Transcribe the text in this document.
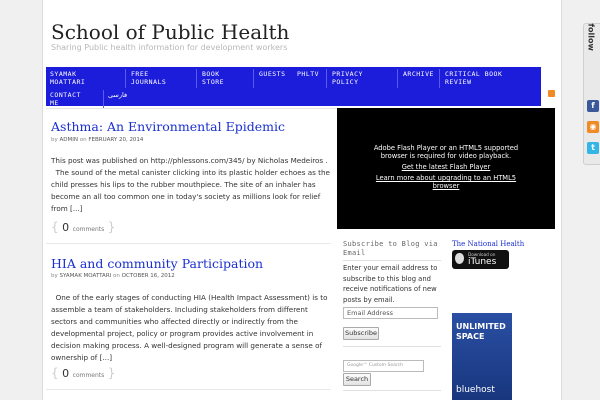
School of Public Health
Sharing Public health information for development workers
SYAMAK
MOATTARI
FREE
JOURNALS
BOOK
STORE
GUESTS PHLTV PRIVACY
POLICY
ARCHIVE CRITICAL BOOK
REVIEW
CONTACT
ME
فارسی
Asthma: An Environmental Epidemic
by ADMIN on FEBRUARY 20, 2014
This post was published on http://phlessons.com/345/ by Nicholas Medeiros .
The sound of the metal canister clicking into its plastic holder echoes as the
child presses his lips to the rubber mouthpiece. The site of an inhaler has
become an all too common one in today's society as millions look for relief
from [...]
{ 0 comments }
HIA and community Participation
by SYAMAK MOATTARI on OCTOBER 16, 2012
One of the early stages of conducting HIA (Health Impact Assessment) is to
assemble a team of stakeholders. Including stakeholders from different
sectors and communities who affected directly or indirectly from the
developmental project, policy or program provides active involvement in
decision making process. A well-designed program will generate a sense of
ownership of [...]
{ 0 comments }
Adobe Flash Player or an HTML5 supported
browser is required for video playback.
Get the latest Flash Player
Learn more about upgrading to an HTML5
browser
Subscribe to Blog via
Email
Enter your email address to
subscribe to this blog and
receive notifications of new
posts by email.
Email Address
Subscribe
Google™ Custom Search
Search
The National Health
Download on
iTunes
UNLIMITED
SPACE
bluehost
follow
f
◉
t
